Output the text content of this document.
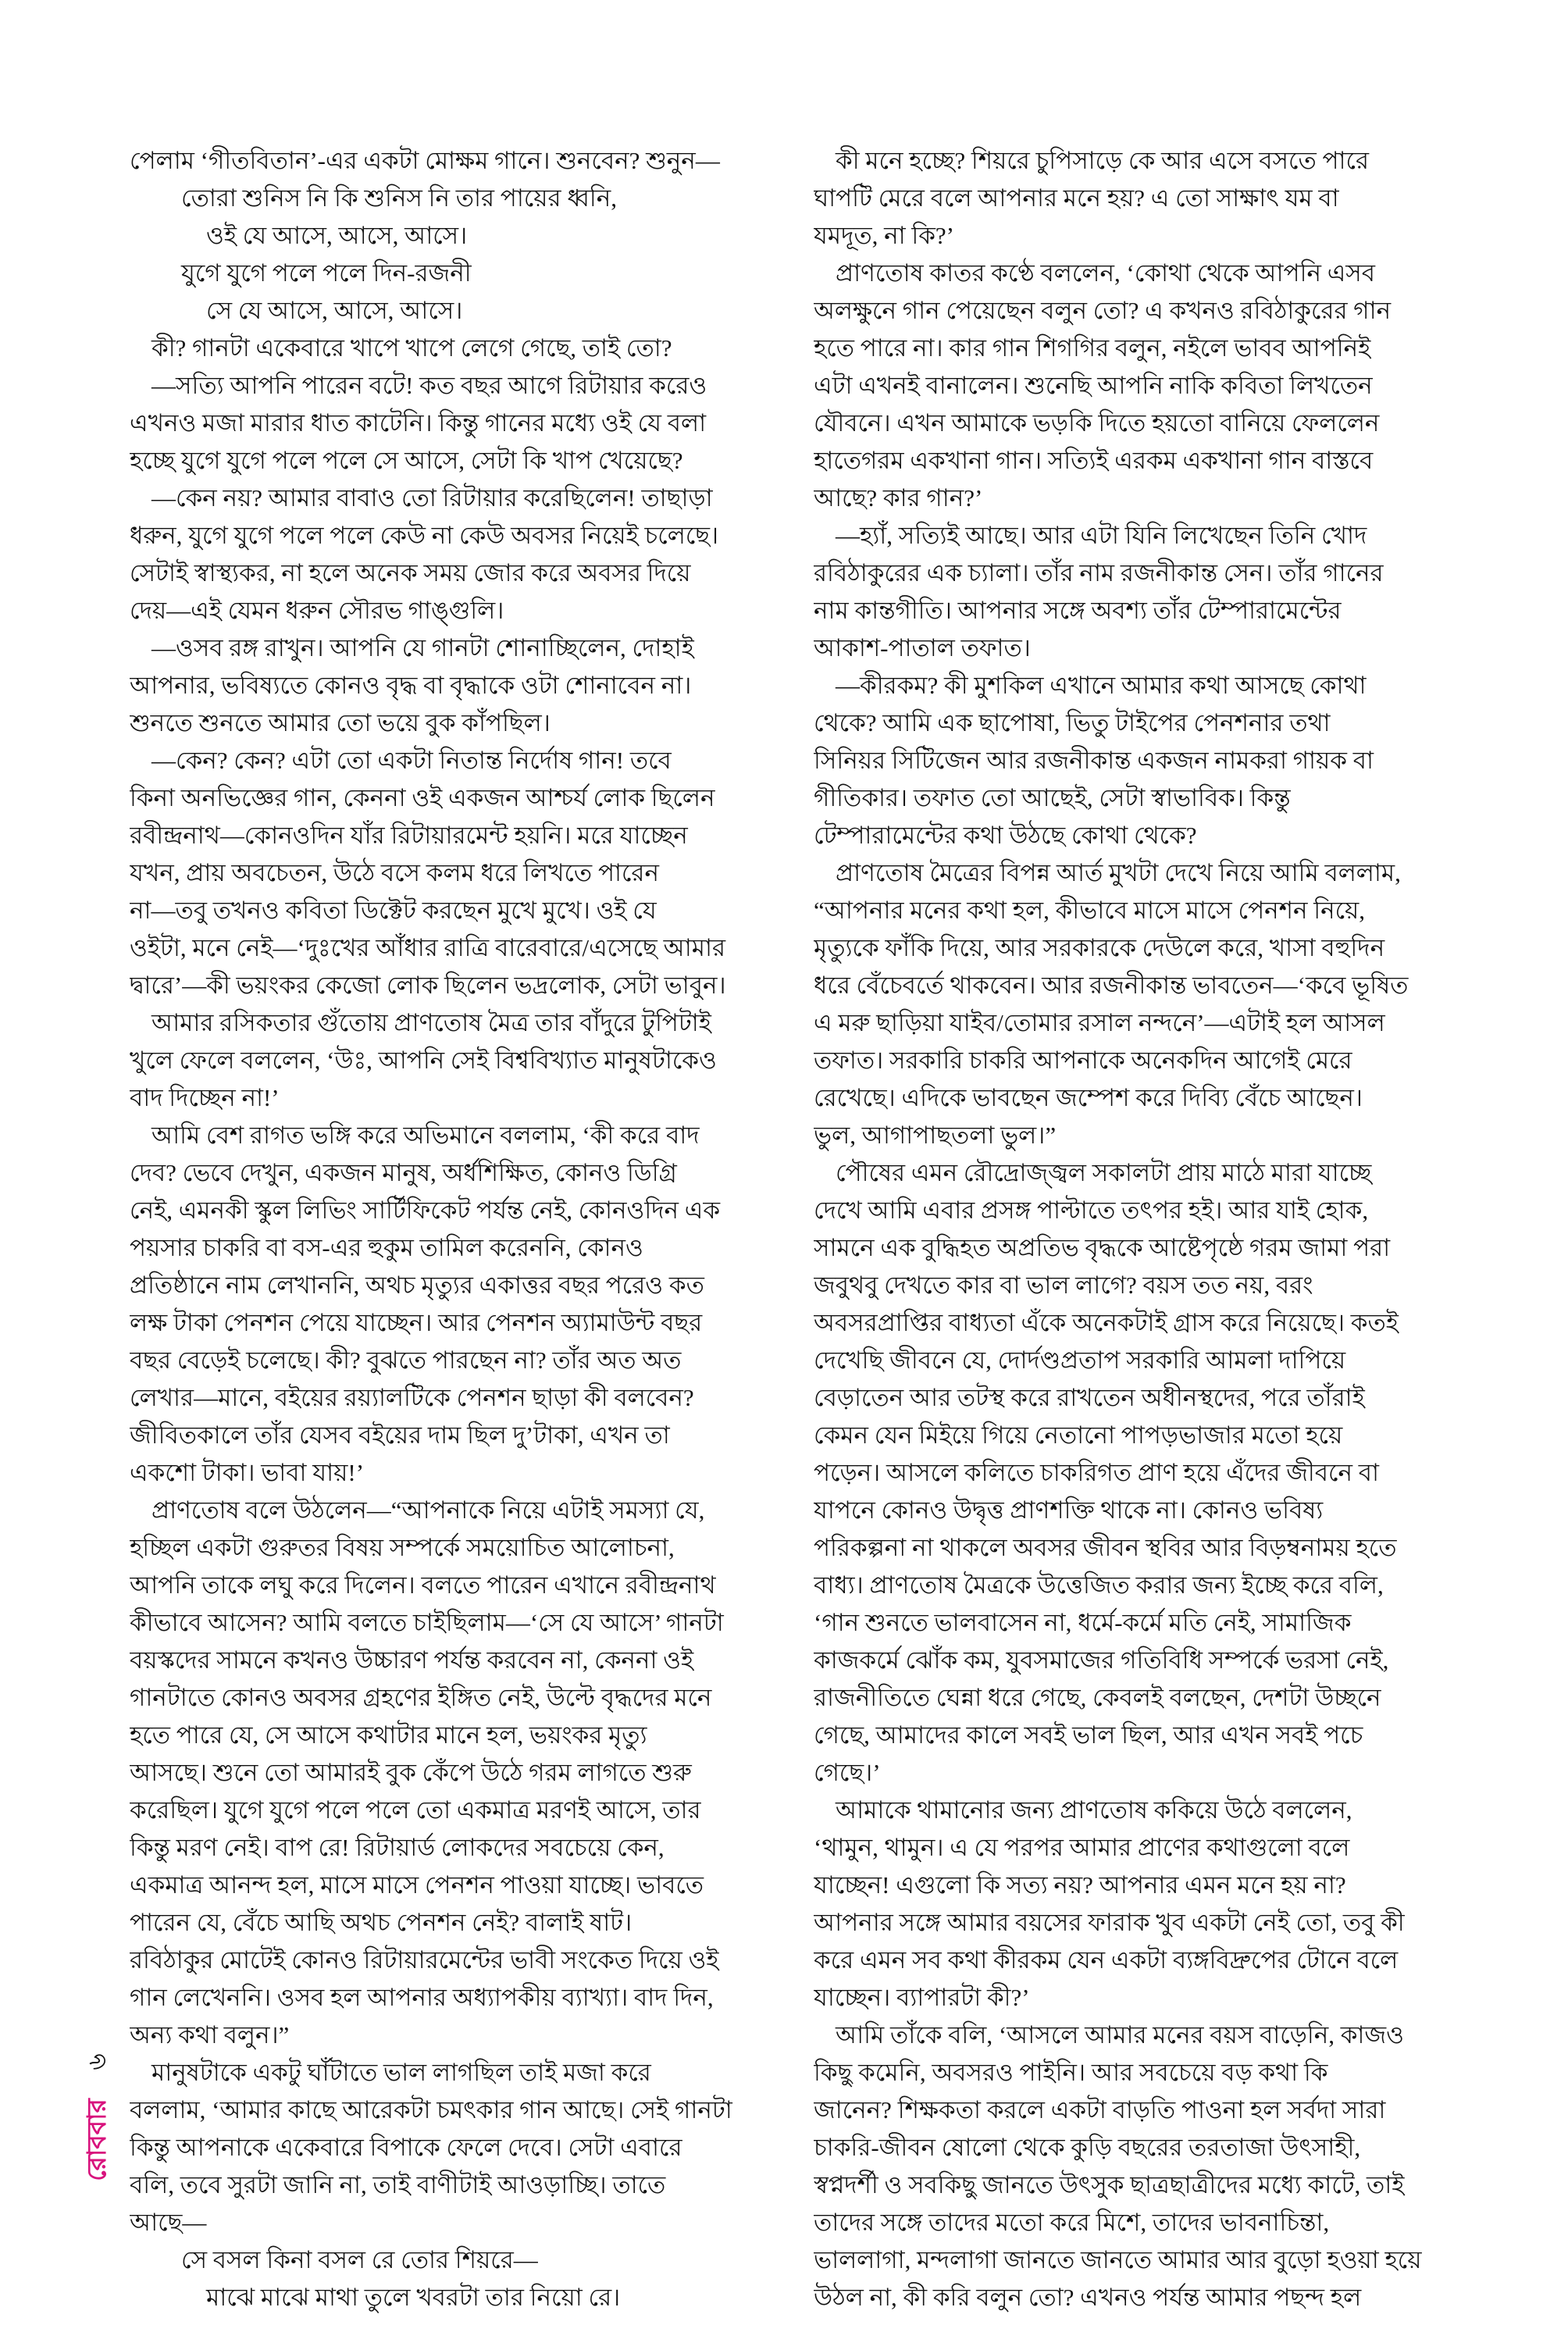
৬
রোববার
পেলাম ‘গীতবিতান’-এর একটা মোক্ষম গানে। শুনবেন? শুনুন—
তোরা শুনিস নি কি শুনিস নি তার পায়ের ধ্বনি,
ওই যে আসে, আসে, আসে।
যুগে যুগে পলে পলে দিন-রজনী
সে যে আসে, আসে, আসে।
কী? গানটা একেবারে খাপে খাপে লেগে গেছে, তাই তো?
—সত্যি আপনি পারেন বটে! কত বছর আগে রিটায়ার করেও
এখনও মজা মারার ধাত কাটেনি। কিন্তু গানের মধ্যে ওই যে বলা
হচ্ছে যুগে যুগে পলে পলে সে আসে, সেটা কি খাপ খেয়েছে?
—কেন নয়? আমার বাবাও তো রিটায়ার করেছিলেন! তাছাড়া
ধরুন, যুগে যুগে পলে পলে কেউ না কেউ অবসর নিয়েই চলেছে।
সেটাই স্বাস্থ্যকর, না হলে অনেক সময় জোর করে অবসর দিয়ে
দেয়—এই যেমন ধরুন সৌরভ গাঙ্গুলি।
—ওসব রঙ্গ রাখুন। আপনি যে গানটা শোনাচ্ছিলেন, দোহাই
আপনার, ভবিষ্যতে কোনও বৃদ্ধ বা বৃদ্ধাকে ওটা শোনাবেন না।
শুনতে শুনতে আমার তো ভয়ে বুক কাঁপছিল।
—কেন? কেন? এটা তো একটা নিতান্ত নির্দোষ গান! তবে
কিনা অনভিজ্ঞের গান, কেননা ওই একজন আশ্চর্য লোক ছিলেন
রবীন্দ্রনাথ—কোনওদিন যাঁর রিটায়ারমেন্ট হয়নি। মরে যাচ্ছেন
যখন, প্রায় অবচেতন, উঠে বসে কলম ধরে লিখতে পারেন
না—তবু তখনও কবিতা ডিক্টেট করছেন মুখে মুখে। ওই যে
ওইটা, মনে নেই—‘দুঃখের আঁধার রাত্রি বারেবারে/এসেছে আমার
দ্বারে’—কী ভয়ংকর কেজো লোক ছিলেন ভদ্রলোক, সেটা ভাবুন।
আমার রসিকতার গুঁতোয় প্রাণতোষ মৈত্র তার বাঁদুরে টুপিটাই
খুলে ফেলে বললেন, ‘উঃ, আপনি সেই বিশ্ববিখ্যাত মানুষটাকেও
বাদ দিচ্ছেন না!’
আমি বেশ রাগত ভঙ্গি করে অভিমানে বললাম, ‘কী করে বাদ
দেব? ভেবে দেখুন, একজন মানুষ, অর্ধশিক্ষিত, কোনও ডিগ্রি
নেই, এমনকী স্কুল লিভিং সার্টিফিকেট পর্যন্ত নেই, কোনওদিন এক
পয়সার চাকরি বা বস-এর হুকুম তামিল করেননি, কোনও
প্রতিষ্ঠানে নাম লেখাননি, অথচ মৃত্যুর একাত্তর বছর পরেও কত
লক্ষ টাকা পেনশন পেয়ে যাচ্ছেন। আর পেনশন অ্যামাউন্ট বছর
বছর বেড়েই চলেছে। কী? বুঝতে পারছেন না? তাঁর অত অত
লেখার—মানে, বইয়ের রয়্যালটিকে পেনশন ছাড়া কী বলবেন?
জীবিতকালে তাঁর যেসব বইয়ের দাম ছিল দু’টাকা, এখন তা
একশো টাকা। ভাবা যায়!’
প্রাণতোষ বলে উঠলেন—“আপনাকে নিয়ে এটাই সমস্যা যে,
হচ্ছিল একটা গুরুতর বিষয় সম্পর্কে সময়োচিত আলোচনা,
আপনি তাকে লঘু করে দিলেন। বলতে পারেন এখানে রবীন্দ্রনাথ
কীভাবে আসেন? আমি বলতে চাইছিলাম—‘সে যে আসে’ গানটা
বয়স্কদের সামনে কখনও উচ্চারণ পর্যন্ত করবেন না, কেননা ওই
গানটাতে কোনও অবসর গ্রহণের ইঙ্গিত নেই, উল্টে বৃদ্ধদের মনে
হতে পারে যে, সে আসে কথাটার মানে হল, ভয়ংকর মৃত্যু
আসছে। শুনে তো আমারই বুক কেঁপে উঠে গরম লাগতে শুরু
করেছিল। যুগে যুগে পলে পলে তো একমাত্র মরণই আসে, তার
কিন্তু মরণ নেই। বাপ রে! রিটায়ার্ড লোকদের সবচেয়ে কেন,
একমাত্র আনন্দ হল, মাসে মাসে পেনশন পাওয়া যাচ্ছে। ভাবতে
পারেন যে, বেঁচে আছি অথচ পেনশন নেই? বালাই ষাট।
রবিঠাকুর মোটেই কোনও রিটায়ারমেন্টের ভাবী সংকেত দিয়ে ওই
গান লেখেননি। ওসব হল আপনার অধ্যাপকীয় ব্যাখ্যা। বাদ দিন,
অন্য কথা বলুন।”
মানুষটাকে একটু ঘাঁটাতে ভাল লাগছিল তাই মজা করে
বললাম, ‘আমার কাছে আরেকটা চমৎকার গান আছে। সেই গানটা
কিন্তু আপনাকে একেবারে বিপাকে ফেলে দেবে। সেটা এবারে
বলি, তবে সুরটা জানি না, তাই বাণীটাই আওড়াচ্ছি। তাতে
আছে—
সে বসল কিনা বসল রে তোর শিয়রে—
মাঝে মাঝে মাথা তুলে খবরটা তার নিয়ো রে।
কী মনে হচ্ছে? শিয়রে চুপিসাড়ে কে আর এসে বসতে পারে
ঘাপটি মেরে বলে আপনার মনে হয়? এ তো সাক্ষাৎ যম বা
যমদূত, না কি?’
প্রাণতোষ কাতর কণ্ঠে বললেন, ‘কোথা থেকে আপনি এসব
অলক্ষুনে গান পেয়েছেন বলুন তো? এ কখনও রবিঠাকুরের গান
হতে পারে না। কার গান শিগগির বলুন, নইলে ভাবব আপনিই
এটা এখনই বানালেন। শুনেছি আপনি নাকি কবিতা লিখতেন
যৌবনে। এখন আমাকে ভড়কি দিতে হয়তো বানিয়ে ফেললেন
হাতেগরম একখানা গান। সত্যিই এরকম একখানা গান বাস্তবে
আছে? কার গান?’
—হ্যাঁ, সত্যিই আছে। আর এটা যিনি লিখেছেন তিনি খোদ
রবিঠাকুরের এক চ্যালা। তাঁর নাম রজনীকান্ত সেন। তাঁর গানের
নাম কান্তগীতি। আপনার সঙ্গে অবশ্য তাঁর টেম্পারামেন্টের
আকাশ-পাতাল তফাত।
—কীরকম? কী মুশকিল এখানে আমার কথা আসছে কোথা
থেকে? আমি এক ছাপোষা, ভিতু টাইপের পেনশনার তথা
সিনিয়র সিটিজেন আর রজনীকান্ত একজন নামকরা গায়ক বা
গীতিকার। তফাত তো আছেই, সেটা স্বাভাবিক। কিন্তু
টেম্পারামেন্টের কথা উঠছে কোথা থেকে?
প্রাণতোষ মৈত্রের বিপন্ন আর্ত মুখটা দেখে নিয়ে আমি বললাম,
“আপনার মনের কথা হল, কীভাবে মাসে মাসে পেনশন নিয়ে,
মৃত্যুকে ফাঁকি দিয়ে, আর সরকারকে দেউলে করে, খাসা বহুদিন
ধরে বেঁচেবর্তে থাকবেন। আর রজনীকান্ত ভাবতেন—‘কবে ভূষিত
এ মরু ছাড়িয়া যাইব/তোমার রসাল নন্দনে’—এটাই হল আসল
তফাত। সরকারি চাকরি আপনাকে অনেকদিন আগেই মেরে
রেখেছে। এদিকে ভাবছেন জম্পেশ করে দিব্যি বেঁচে আছেন।
ভুল, আগাপাছতলা ভুল।”
পৌষের এমন রৌদ্রোজ্জ্বল সকালটা প্রায় মাঠে মারা যাচ্ছে
দেখে আমি এবার প্রসঙ্গ পাল্টাতে তৎপর হই। আর যাই হোক,
সামনে এক বুদ্ধিহত অপ্রতিভ বৃদ্ধকে আষ্টেপৃষ্ঠে গরম জামা পরা
জবুথবু দেখতে কার বা ভাল লাগে? বয়স তত নয়, বরং
অবসরপ্রাপ্তির বাধ্যতা এঁকে অনেকটাই গ্রাস করে নিয়েছে। কতই
দেখেছি জীবনে যে, দোর্দণ্ডপ্রতাপ সরকারি আমলা দাপিয়ে
বেড়াতেন আর তটস্থ করে রাখতেন অধীনস্থদের, পরে তাঁরাই
কেমন যেন মিইয়ে গিয়ে নেতানো পাপড়ভাজার মতো হয়ে
পড়েন। আসলে কলিতে চাকরিগত প্রাণ হয়ে এঁদের জীবনে বা
যাপনে কোনও উদ্বৃত্ত প্রাণশক্তি থাকে না। কোনও ভবিষ্য
পরিকল্পনা না থাকলে অবসর জীবন স্থবির আর বিড়ম্বনাময় হতে
বাধ্য। প্রাণতোষ মৈত্রকে উত্তেজিত করার জন্য ইচ্ছে করে বলি,
‘গান শুনতে ভালবাসেন না, ধর্মে-কর্মে মতি নেই, সামাজিক
কাজকর্মে ঝোঁক কম, যুবসমাজের গতিবিধি সম্পর্কে ভরসা নেই,
রাজনীতিতে ঘেন্না ধরে গেছে, কেবলই বলছেন, দেশটা উচ্ছনে
গেছে, আমাদের কালে সবই ভাল ছিল, আর এখন সবই পচে
গেছে।’
আমাকে থামানোর জন্য প্রাণতোষ ককিয়ে উঠে বললেন,
‘থামুন, থামুন। এ যে পরপর আমার প্রাণের কথাগুলো বলে
যাচ্ছেন! এগুলো কি সত্য নয়? আপনার এমন মনে হয় না?
আপনার সঙ্গে আমার বয়সের ফারাক খুব একটা নেই তো, তবু কী
করে এমন সব কথা কীরকম যেন একটা ব্যঙ্গবিদ্রুপের টোনে বলে
যাচ্ছেন। ব্যাপারটা কী?’
আমি তাঁকে বলি, ‘আসলে আমার মনের বয়স বাড়েনি, কাজও
কিছু কমেনি, অবসরও পাইনি। আর সবচেয়ে বড় কথা কি
জানেন? শিক্ষকতা করলে একটা বাড়তি পাওনা হল সর্বদা সারা
চাকরি-জীবন ষোলো থেকে কুড়ি বছরের তরতাজা উৎসাহী,
স্বপ্নদর্শী ও সবকিছু জানতে উৎসুক ছাত্রছাত্রীদের মধ্যে কাটে, তাই
তাদের সঙ্গে তাদের মতো করে মিশে, তাদের ভাবনাচিন্তা,
ভাললাগা, মন্দলাগা জানতে জানতে আমার আর বুড়ো হওয়া হয়ে
উঠল না, কী করি বলুন তো? এখনও পর্যন্ত আমার পছন্দ হল
